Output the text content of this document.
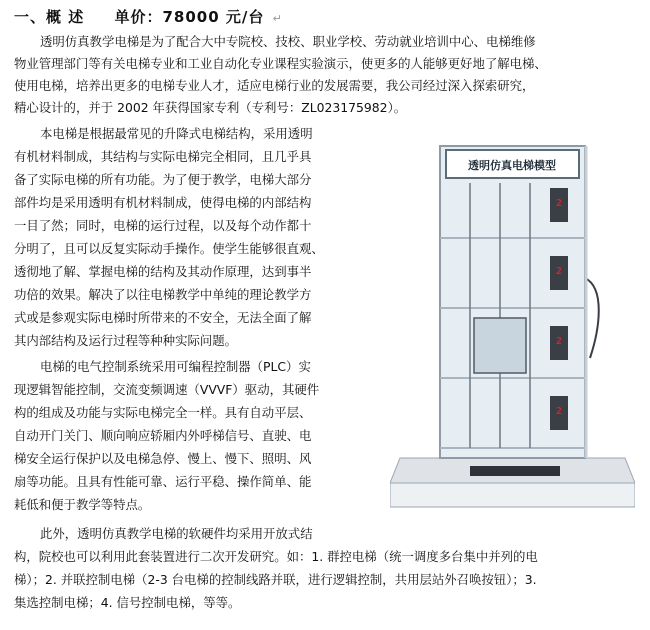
一、概 述 单价：78000 元/台 ↵
透明仿真教学电梯是为了配合大中专院校、技校、职业学校、劳动就业培训中心、电梯维修
物业管理部门等有关电梯专业和工业自动化专业课程实验演示，使更多的人能够更好地了解电梯、
使用电梯，培养出更多的电梯专业人才，适应电梯行业的发展需要，我公司经过深入探索研究，
精心设计的，并于 2002 年获得国家专利（专利号：ZL023175982）。
本电梯是根据最常见的升降式电梯结构，采用透明
有机材料制成，其结构与实际电梯完全相同，且几乎具
备了实际电梯的所有功能。为了便于教学，电梯大部分
部件均是采用透明有机材料制成，使得电梯的内部结构
一目了然；同时，电梯的运行过程，以及每个动作都十
分明了，且可以反复实际动手操作。使学生能够很直观、
透彻地了解、掌握电梯的结构及其动作原理，达到事半
功倍的效果。解决了以往电梯教学中单纯的理论教学方
式或是参观实际电梯时所带来的不安全，无法全面了解
其内部结构及运行过程等种种实际问题。
电梯的电气控制系统采用可编程控制器（PLC）实
现逻辑智能控制，交流变频调速（VVVF）驱动，其硬件
构的组成及功能与实际电梯完全一样。具有自动平层、
自动开门关门、顺向响应轿厢内外呼梯信号、直驶、电
梯安全运行保护以及电梯急停、慢上、慢下、照明、风
扇等功能。且具有性能可靠、运行平稳、操作简单、能
耗低和便于教学等特点。
此外，透明仿真教学电梯的软硬件均采用开放式结
构，院校也可以利用此套装置进行二次开发研究。如：1. 群控电梯（统一调度多台集中并列的电
梯）；2. 并联控制电梯（2-3 台电梯的控制线路并联，进行逻辑控制，共用层站外召唤按钮）；3.
集选控制电梯；4. 信号控制电梯，等等。
透明仿真电梯模型
2
2
2
2
